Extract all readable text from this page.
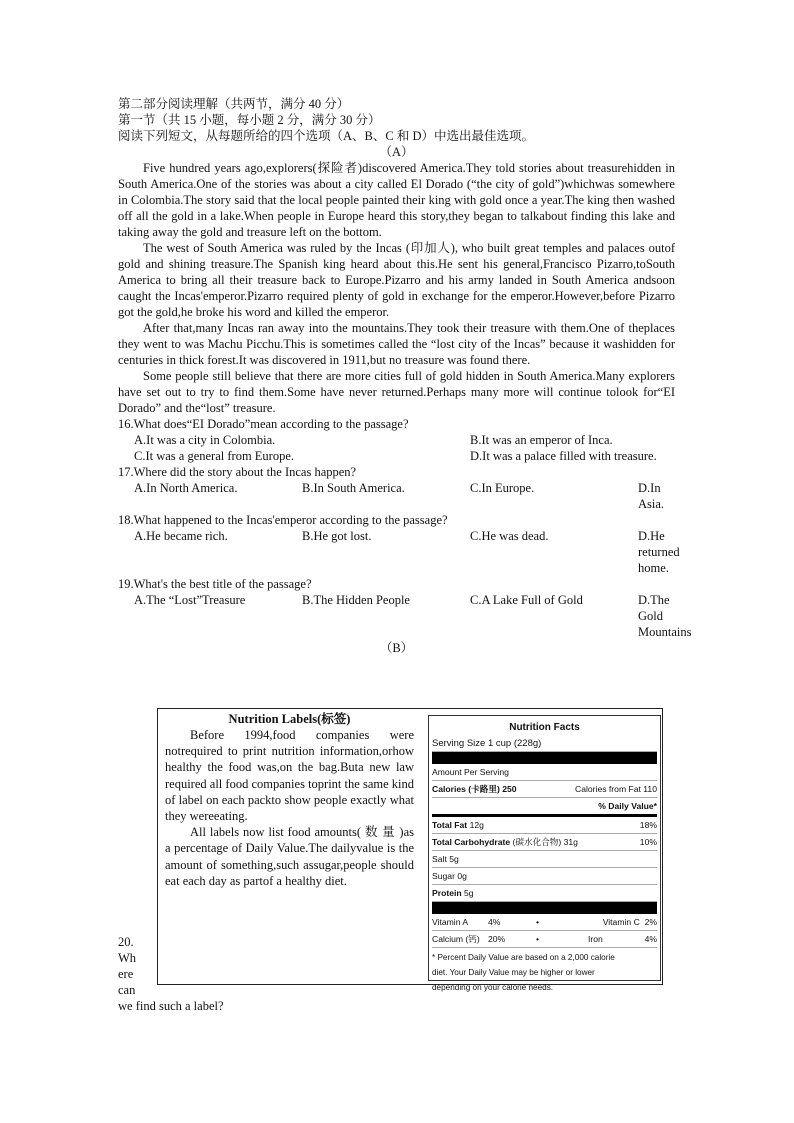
第二部分阅读理解（共两节，满分 40 分）
第一节（共 15 小题，每小题 2 分，满分 30 分）
阅读下列短文，从每题所给的四个选项（A、B、C 和 D）中选出最佳选项。
（A）

Five hundred years ago,explorers(探险者)discovered America.They told stories about treasurehidden in South America.One of the stories was about a city called El Dorado (“the city of gold”)whichwas somewhere in Colombia.The story said that the local people painted their king with gold once a year.The king then washed off all the gold in a lake.When people in Europe heard this story,they began to talkabout finding this lake and taking away the gold and treasure left on the bottom.

The west of South America was ruled by the Incas (印加人), who built great temples and palaces outof gold and shining treasure.The Spanish king heard about this.He sent his general,Francisco Pizarro,toSouth America to bring all their treasure back to Europe.Pizarro and his army landed in South America andsoon caught the Incas'emperor.Pizarro required plenty of gold in exchange for the emperor.However,before Pizarro got the gold,he broke his word and killed the emperor.

After that,many Incas ran away into the mountains.They took their treasure with them.One of theplaces they went to was Machu Picchu.This is sometimes called the “lost city of the Incas” because it washidden for centuries in thick forest.It was discovered in 1911,but no treasure was found there.

Some people still believe that there are more cities full of gold hidden in South America.Many explorers have set out to try to find them.Some have never returned.Perhaps many more will continue tolook for“EI Dorado” and the“lost” treasure.

16.What does“EI Dorado”mean according to the passage?
A.It was a city in Colombia.	B.It was an emperor of Inca.
C.It was a general from Europe.	D.It was a palace filled with treasure.
17.Where did the story about the Incas happen?
A.In North America.	B.In South America.	C.In Europe.	D.In Asia.
18.What happened to the Incas'emperor according to the passage?
A.He became rich.	B.He got lost.	C.He was dead.	D.He returned home.
19.What's the best title of the passage?
A.The “Lost”Treasure	B.The Hidden People	C.A Lake Full of Gold	D.The Gold Mountains
（B）
Nutrition Labels(标签)

Before 1994,food companies were notrequired to print nutrition information,orhow healthy the food was,on the bag.Buta new law required all food companies toprint the same kind of label on each packto show people exactly what they wereeating.

All labels now list food amounts( 数 量 )as a percentage of Daily Value.The dailyvalue is the amount of something,such assugar,people should eat each day as partof a healthy diet.

Nutrition Facts
Serving Size 1 cup (228g)
Amount Per Serving
Calories (卡路里) 250	Calories from Fat 110
% Daily Value*
Total Fat 12g	18%
Total Carbohydrate (碳水化合物) 31g	10%
Salt 5g
Sugar 0g
Protein 5g
Vitamin A	4%	•	Vitamin C 2%
Calcium (钙) 20%	•	Iron	4%
* Percent Daily Value are based on a 2,000 calorie
diet. Your Daily Value may be higher or lower
depending on your calorie needs.
20.
Wh
ere
can
we find such a label?
